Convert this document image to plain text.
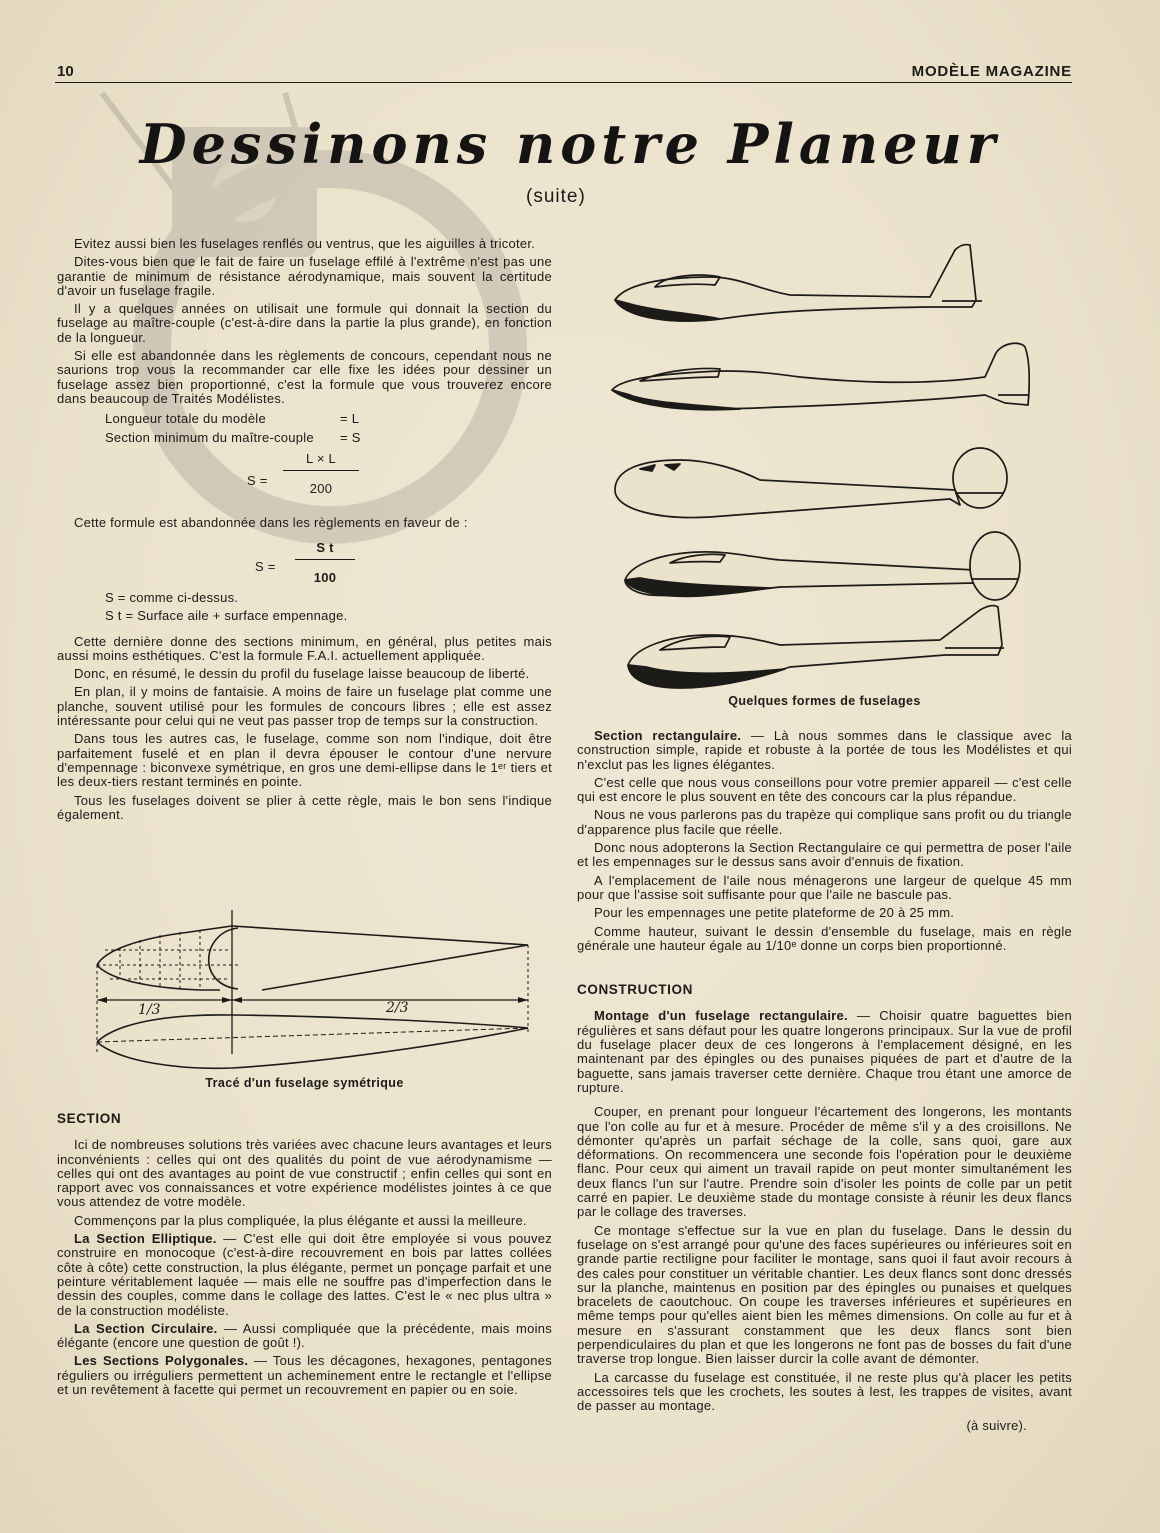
10	MODÈLE MAGAZINE
Dessinons notre Planeur
(suite)

Evitez aussi bien les fuselages renflés ou ventrus, que les aiguilles à tricoter.

Dites-vous bien que le fait de faire un fuselage effilé à l'extrême n'est pas une garantie de minimum de résistance aérodynamique, mais souvent la certitude d'avoir un fuselage fragile.

Il y a quelques années on utilisait une formule qui donnait la section du fuselage au maître-couple (c'est-à-dire dans la partie la plus grande), en fonction de la longueur.

Si elle est abandonnée dans les règlements de concours, cependant nous ne saurions trop vous la recommander car elle fixe les idées pour dessiner un fuselage assez bien proportionné, c'est la formule que vous trouverez encore dans beaucoup de Traités Modélistes.

Longueur totale du modèle	= L
Section minimum du maître-couple = S
S =
L × L
200

Cette formule est abandonnée dans les règlements en faveur de :

S t
S =
100
S = comme ci-dessus.
S t = Surface aile + surface empennage.

Cette dernière donne des sections minimum, en général, plus petites mais aussi moins esthétiques. C'est la formule F.A.I. actuellement appliquée.

Donc, en résumé, le dessin du profil du fuselage laisse beaucoup de liberté.

En plan, il y moins de fantaisie. A moins de faire un fuselage plat comme une planche, souvent utilisé pour les formules de concours libres ; elle est assez intéressante pour celui qui ne veut pas passer trop de temps sur la construction.

Dans tous les autres cas, le fuselage, comme son nom l'indique, doit être parfaitement fuselé et en plan il devra épouser le contour d'une nervure d'empennage : biconvexe symétrique, en gros une demi-ellipse dans le 1ᵉʳ tiers et les deux-tiers restant terminés en pointe.

Tous les fuselages doivent se plier à cette règle, mais le bon sens l'indique également.

1/3	2/3
Tracé d'un fuselage symétrique

SECTION

Ici de nombreuses solutions très variées avec chacune leurs avantages et leurs inconvénients : celles qui ont des qualités du point de vue aérodynamisme — celles qui ont des avantages au point de vue constructif ; enfin celles qui sont en rapport avec vos connaissances et votre expérience modélistes jointes à ce que vous attendez de votre modèle.

Commençons par la plus compliquée, la plus élégante et aussi la meilleure.

La Section Elliptique. — C'est elle qui doit être employée si vous pouvez construire en monocoque (c'est-à-dire recouvrement en bois par lattes collées côte à côte) cette construction, la plus élégante, permet un ponçage parfait et une peinture véritablement laquée — mais elle ne souffre pas d'imperfection dans le dessin des couples, comme dans le collage des lattes. C'est le « nec plus ultra » de la construction modéliste.

La Section Circulaire. — Aussi compliquée que la précédente, mais moins élégante (encore une question de goût !).

Les Sections Polygonales. — Tous les décagones, hexagones, pentagones réguliers ou irréguliers permettent un acheminement entre le rectangle et l'ellipse et un revêtement à facette qui permet un recouvrement en papier ou en soie.

Quelques formes de fuselages

Section rectangulaire. — Là nous sommes dans le classique avec la construction simple, rapide et robuste à la portée de tous les Modélistes et qui n'exclut pas les lignes élégantes.

C'est celle que nous vous conseillons pour votre premier appareil — c'est celle qui est encore le plus souvent en tête des concours car la plus répandue.

Nous ne vous parlerons pas du trapèze qui complique sans profit ou du triangle d'apparence plus facile que réelle.

Donc nous adopterons la Section Rectangulaire ce qui permettra de poser l'aile et les empennages sur le dessus sans avoir d'ennuis de fixation.

A l'emplacement de l'aile nous ménagerons une largeur de quelque 45 mm pour que l'assise soit suffisante pour que l'aile ne bascule pas.

Pour les empennages une petite plateforme de 20 à 25 mm.

Comme hauteur, suivant le dessin d'ensemble du fuselage, mais en règle générale une hauteur égale au 1/10ᵉ donne un corps bien proportionné.

CONSTRUCTION

Montage d'un fuselage rectangulaire. — Choisir quatre baguettes bien régulières et sans défaut pour les quatre longerons principaux. Sur la vue de profil du fuselage placer deux de ces longerons à l'emplacement désigné, en les maintenant par des épingles ou des punaises piquées de part et d'autre de la baguette, sans jamais traverser cette dernière. Chaque trou étant une amorce de rupture.

Couper, en prenant pour longueur l'écartement des longerons, les montants que l'on colle au fur et à mesure. Procéder de même s'il y a des croisillons. Ne démonter qu'après un parfait séchage de la colle, sans quoi, gare aux déformations. On recommencera une seconde fois l'opération pour le deuxième flanc. Pour ceux qui aiment un travail rapide on peut monter simultanément les deux flancs l'un sur l'autre. Prendre soin d'isoler les points de colle par un petit carré en papier. Le deuxième stade du montage consiste à réunir les deux flancs par le collage des traverses.

Ce montage s'effectue sur la vue en plan du fuselage. Dans le dessin du fuselage on s'est arrangé pour qu'une des faces supérieures ou inférieures soit en grande partie rectiligne pour faciliter le montage, sans quoi il faut avoir recours à des cales pour constituer un véritable chantier. Les deux flancs sont donc dressés sur la planche, maintenus en position par des épingles ou punaises et quelques bracelets de caoutchouc. On coupe les traverses inférieures et supérieures en même temps pour qu'elles aient bien les mêmes dimensions. On colle au fur et à mesure en s'assurant constamment que les deux flancs sont bien perpendiculaires du plan et que les longerons ne font pas de bosses du fait d'une traverse trop longue. Bien laisser durcir la colle avant de démonter.

La carcasse du fuselage est constituée, il ne reste plus qu'à placer les petits accessoires tels que les crochets, les soutes à lest, les trappes de visites, avant de passer au montage.

(à suivre).
